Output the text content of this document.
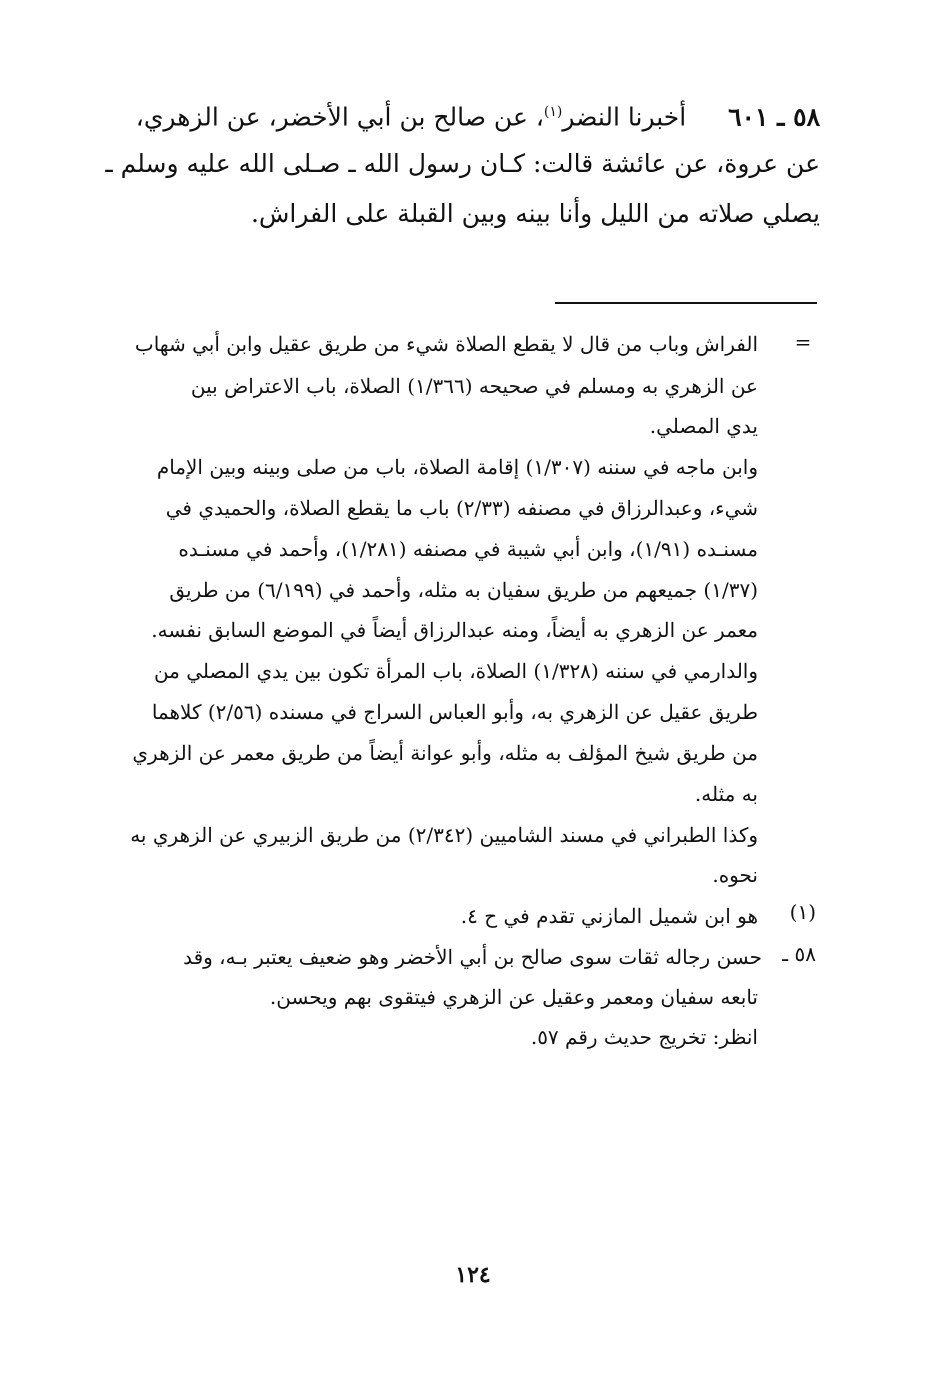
٥٨ ـ ٦٠١  أخبرنا النضر$^{(١)}$، عن صالح بن أبي الأخضر، عن الزهري،
عن عروة، عن عائشة قالت: كـان رسول الله ـ صـلى الله عليه وسلم ـ
يصلي صلاته من الليل وأنا بينه وبين القبلة على الفراش.
=
الفراش وباب من قال لا يقطع الصلاة شيء من طريق عقيل وابن أبي شهاب
عن الزهري به ومسلم في صحيحه (١/٣٦٦) الصلاة، باب الاعتراض بين
يدي المصلي.
وابن ماجه في سننه (١/٣٠٧) إقامة الصلاة، باب من صلى وبينه وبين الإمام
شيء، وعبدالرزاق في مصنفه (٢/٣٣) باب ما يقطع الصلاة، والحميدي في
مسنـده (١/٩١)، وابن أبي شيبة في مصنفه (١/٢٨١)، وأحمد في مسنـده
(١/٣٧) جميعهم من طريق سفيان به مثله، وأحمد في (٦/١٩٩) من طريق
معمر عن الزهري به أيضاً، ومنه عبدالرزاق أيضاً في الموضع السابق نفسه.
والدارمي في سننه (١/٣٢٨) الصلاة، باب المرأة تكون بين يدي المصلي من
طريق عقيل عن الزهري به، وأبو العباس السراج في مسنده (٢/٥٦) كلاهما
من طريق شيخ المؤلف به مثله، وأبو عوانة أيضاً من طريق معمر عن الزهري
به مثله.
وكذا الطبراني في مسند الشاميين (٢/٣٤٢) من طريق الزبيري عن الزهري به
نحوه.
(١)
هو ابن شميل المازني تقدم في ح ٤.
٥٨ ـ
حسن رجاله ثقات سوى صالح بن أبي الأخضر وهو ضعيف يعتبر بـه، وقد
تابعه سفيان ومعمر وعقيل عن الزهري فيتقوى بهم ويحسن.
انظر: تخريج حديث رقم ٥٧.
١٢٤
